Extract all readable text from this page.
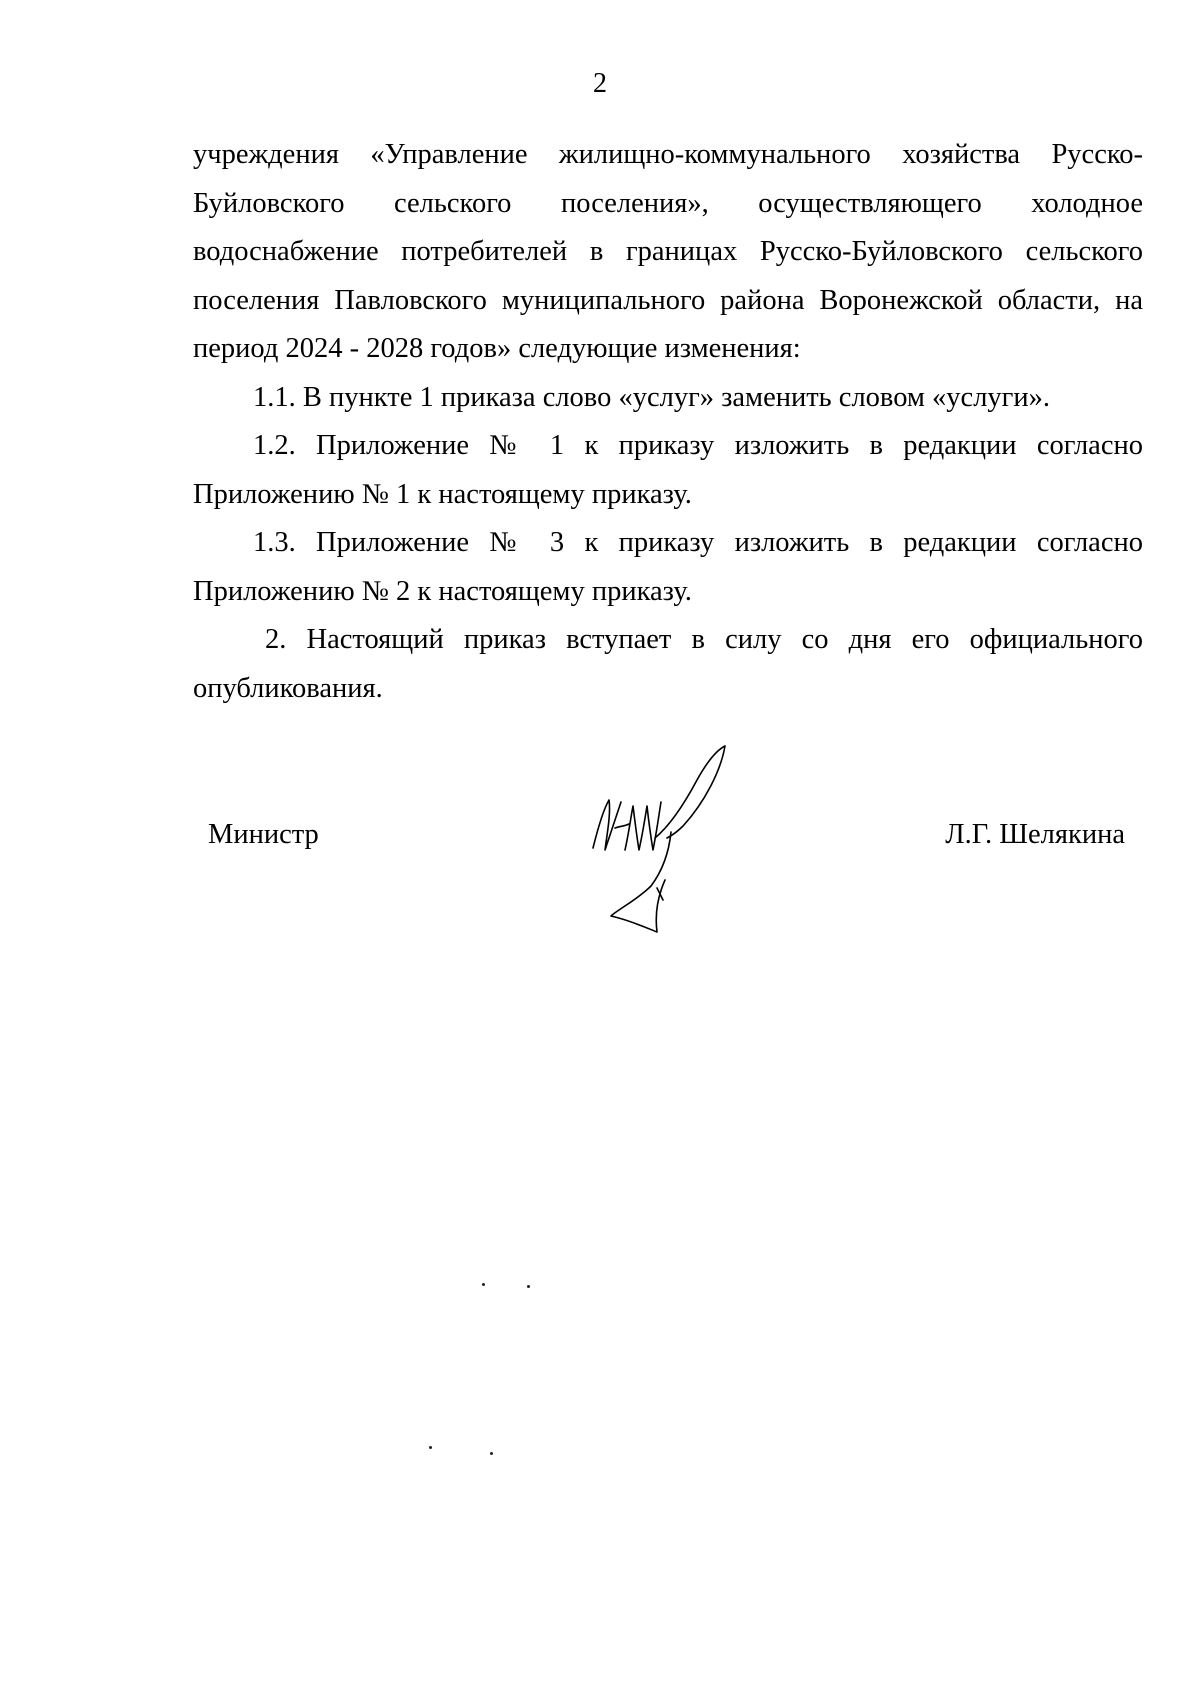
2

учреждения «Управление жилищно-коммунального хозяйства Русско-Буйловского сельского поселения», осуществляющего холодное водоснабжение потребителей в границах Русско-Буйловского сельского поселения Павловского муниципального района Воронежской области, на период 2024 - 2028 годов» следующие изменения:

1.1. В пункте 1 приказа слово «услуг» заменить словом «услуги».

1.2. Приложение № 1 к приказу изложить в редакции согласно Приложению № 1 к настоящему приказу.

1.3. Приложение № 3 к приказу изложить в редакции согласно Приложению № 2 к настоящему приказу.

2. Настоящий приказ вступает в силу со дня его официального опубликования.

Министр	Л.Г. Шелякина
